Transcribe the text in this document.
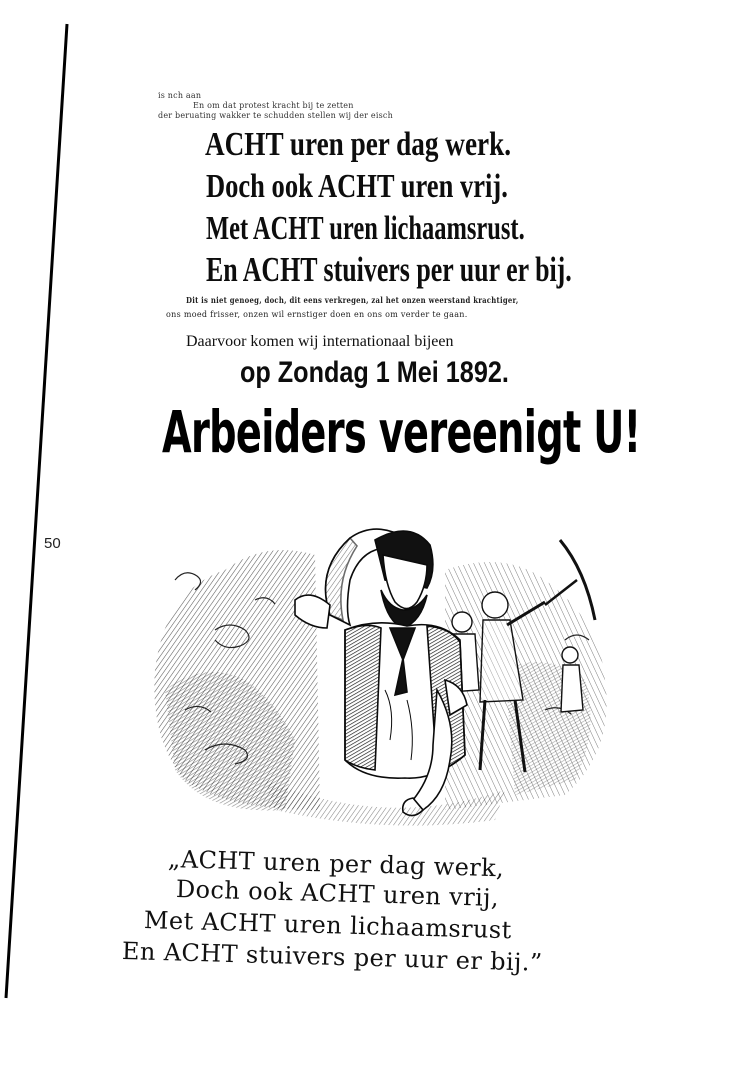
50
is nch aan
En om dat protest kracht bij te zetten
der beruating wakker te schudden stellen wij der eisch
ACHT uren per dag werk.
Doch ook ACHT uren vrij.
Met ACHT uren lichaamsrust.
En ACHT stuivers per uur er bij.
Dit is niet genoeg, doch, dit eens verkregen, zal het onzen weerstand krachtiger,
ons moed frisser, onzen wil ernstiger doen en ons om verder te gaan.
Daarvoor komen wij internationaal bijeen
op Zondag 1 Mei 1892.
Arbeiders vereenigt U!
„ACHT uren per dag werk,
Doch ook ACHT uren vrij,
Met ACHT uren lichaamsrust
En ACHT stuivers per uur er bij.”
